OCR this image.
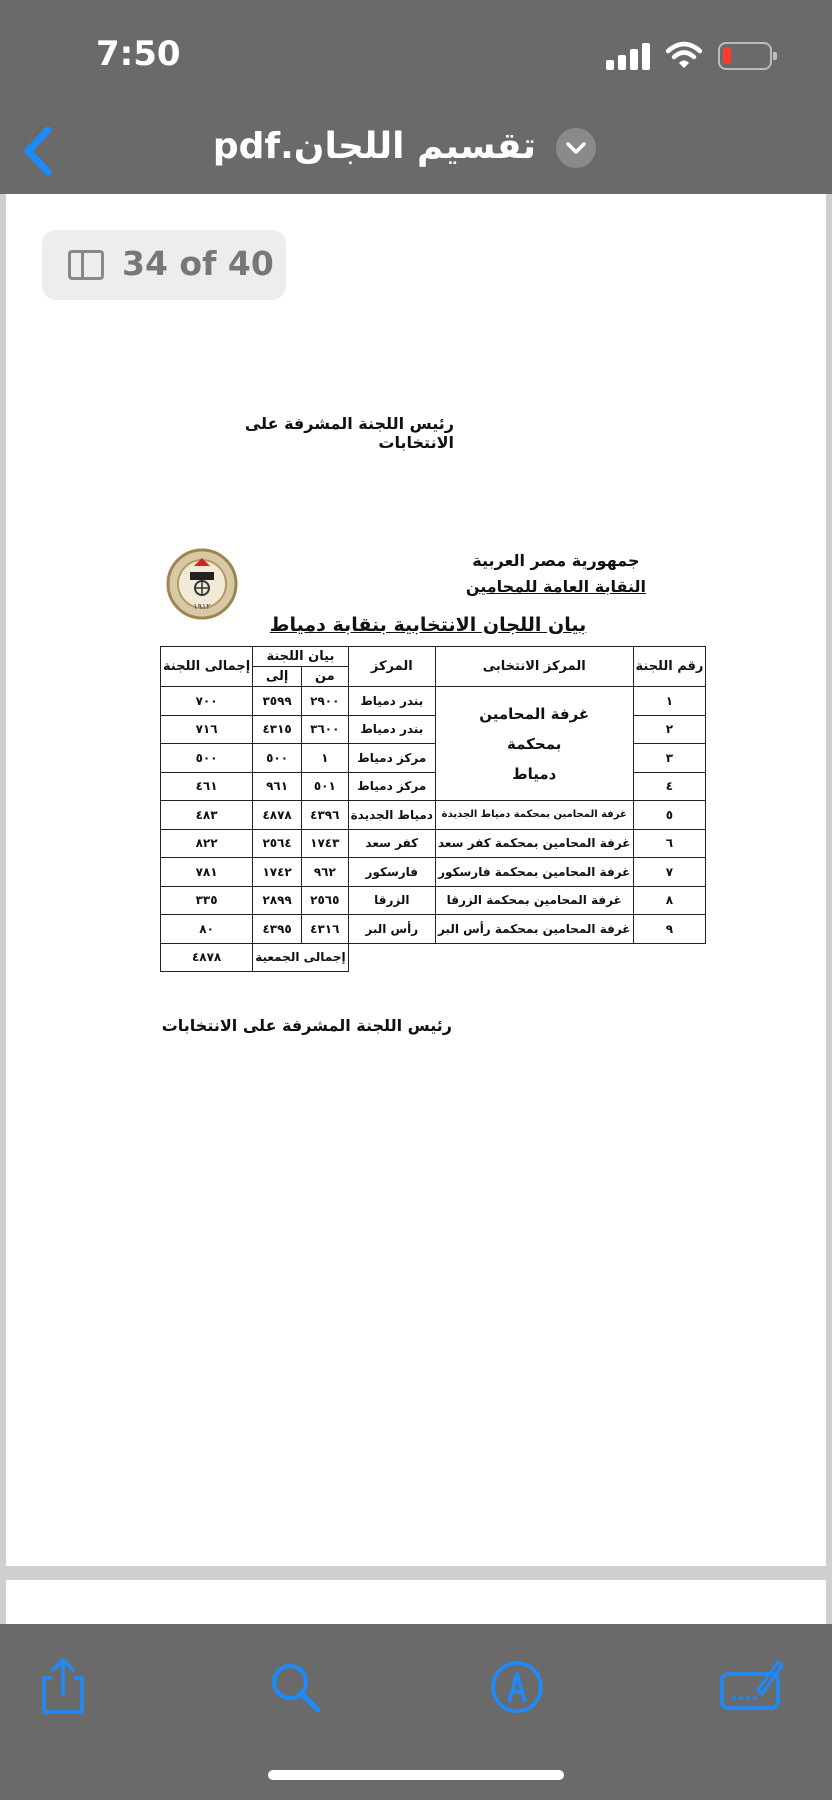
7:50
تقسيم اللجان.pdf
رئيس اللجنة المشرفة على الانتخابات
34 of 40
جمهورية مصر العربية
النقابة العامة للمحامين
١٩١٢
بيان اللجان الانتخابية بنقابة دمياط
رقم اللجنة	المركز الانتخابى	المركز	بيان اللجنة		إجمالى اللجنة
			من	إلى	
١	غرفة المحامين
بمحكمة
دمياط	بندر دمياط	٢٩٠٠	٣٥٩٩	٧٠٠
٢		بندر دمياط	٣٦٠٠	٤٣١٥	٧١٦
٣		مركز دمياط	١	٥٠٠	٥٠٠
٤		مركز دمياط	٥٠١	٩٦١	٤٦١
٥	غرفة المحامين بمحكمة دمياط الجديدة	دمياط الجديدة	٤٣٩٦	٤٨٧٨	٤٨٣
٦	غرفة المحامين بمحكمة كفر سعد	كفر سعد	١٧٤٣	٢٥٦٤	٨٢٢
٧	غرفة المحامين بمحكمة فارسكور	فارسكور	٩٦٢	١٧٤٢	٧٨١
٨	غرفة المحامين بمحكمة الزرقا	الزرقا	٢٥٦٥	٢٨٩٩	٣٣٥
٩	غرفة المحامين بمحكمة رأس البر	رأس البر	٤٣١٦	٤٣٩٥	٨٠
			إجمالى الجمعية		٤٨٧٨
رئيس اللجنة المشرفة على الانتخابات
